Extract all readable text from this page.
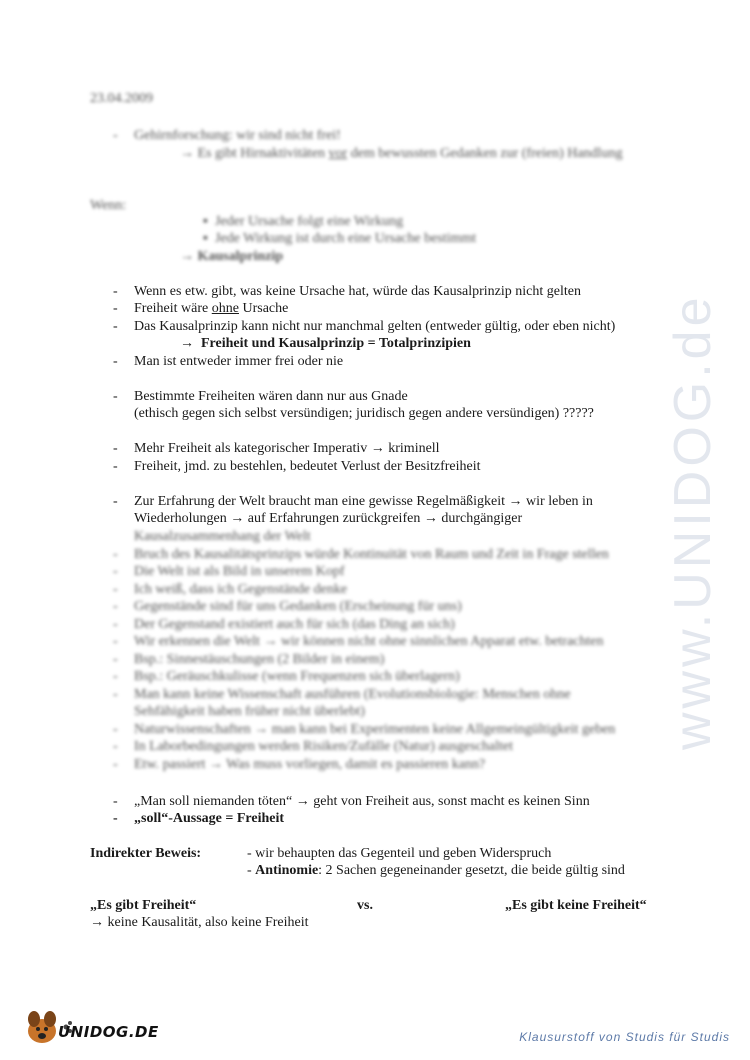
23.04.2009
- Gehirnforschung: wir sind nicht frei!
→ Es gibt Hirnaktivitäten vor dem bewussten Gedanken zur (freien) Handlung
Wenn:
▪ Jeder Ursache folgt eine Wirkung
▪ Jede Wirkung ist durch eine Ursache bestimmt
→ Kausalprinzip
- Wenn es etw. gibt, was keine Ursache hat, würde das Kausalprinzip nicht gelten
- Freiheit wäre ohne Ursache
- Das Kausalprinzip kann nicht nur manchmal gelten (entweder gültig, oder eben nicht)
→ Freiheit und Kausalprinzip = Totalprinzipien
- Man ist entweder immer frei oder nie
- Bestimmte Freiheiten wären dann nur aus Gnade
(ethisch gegen sich selbst versündigen; juridisch gegen andere versündigen) ?????
- Mehr Freiheit als kategorischer Imperativ → kriminell
- Freiheit, jmd. zu bestehlen, bedeutet Verlust der Besitzfreiheit
- Zur Erfahrung der Welt braucht man eine gewisse Regelmäßigkeit → wir leben in
Wiederholungen → auf Erfahrungen zurückgreifen → durchgängiger
Kausalzusammenhang der Welt
- Bruch des Kausalitätsprinzips würde Kontinuität von Raum und Zeit in Frage stellen
- Die Welt ist als Bild in unserem Kopf
- Ich weiß, dass ich Gegenstände denke
- Gegenstände sind für uns Gedanken (Erscheinung für uns)
- Der Gegenstand existiert auch für sich (das Ding an sich)
- Wir erkennen die Welt → wir können nicht ohne sinnlichen Apparat etw. betrachten
- Bsp.: Sinnestäuschungen (2 Bilder in einem)
- Bsp.: Geräuschkulisse (wenn Frequenzen sich überlagern)
- Man kann keine Wissenschaft ausführen (Evolutionsbiologie: Menschen ohne
Sehfähigkeit haben früher nicht überlebt)
- Naturwissenschaften → man kann bei Experimenten keine Allgemeingültigkeit geben
- In Laborbedingungen werden Risiken/Zufälle (Natur) ausgeschaltet
- Etw. passiert → Was muss vorliegen, damit es passieren kann?
- „Man soll niemanden töten“ → geht von Freiheit aus, sonst macht es keinen Sinn
- „soll“-Aussage = Freiheit
Indirekter Beweis:	- wir behaupten das Gegenteil und geben Widerspruch
- Antinomie: 2 Sachen gegeneinander gesetzt, die beide gültig sind
„Es gibt Freiheit“	vs.	„Es gibt keine Freiheit“
→ keine Kausalität, also keine Freiheit
www.UNIDOG.de
UNIDOG.DE	Klausurstoff von Studis für Studis
